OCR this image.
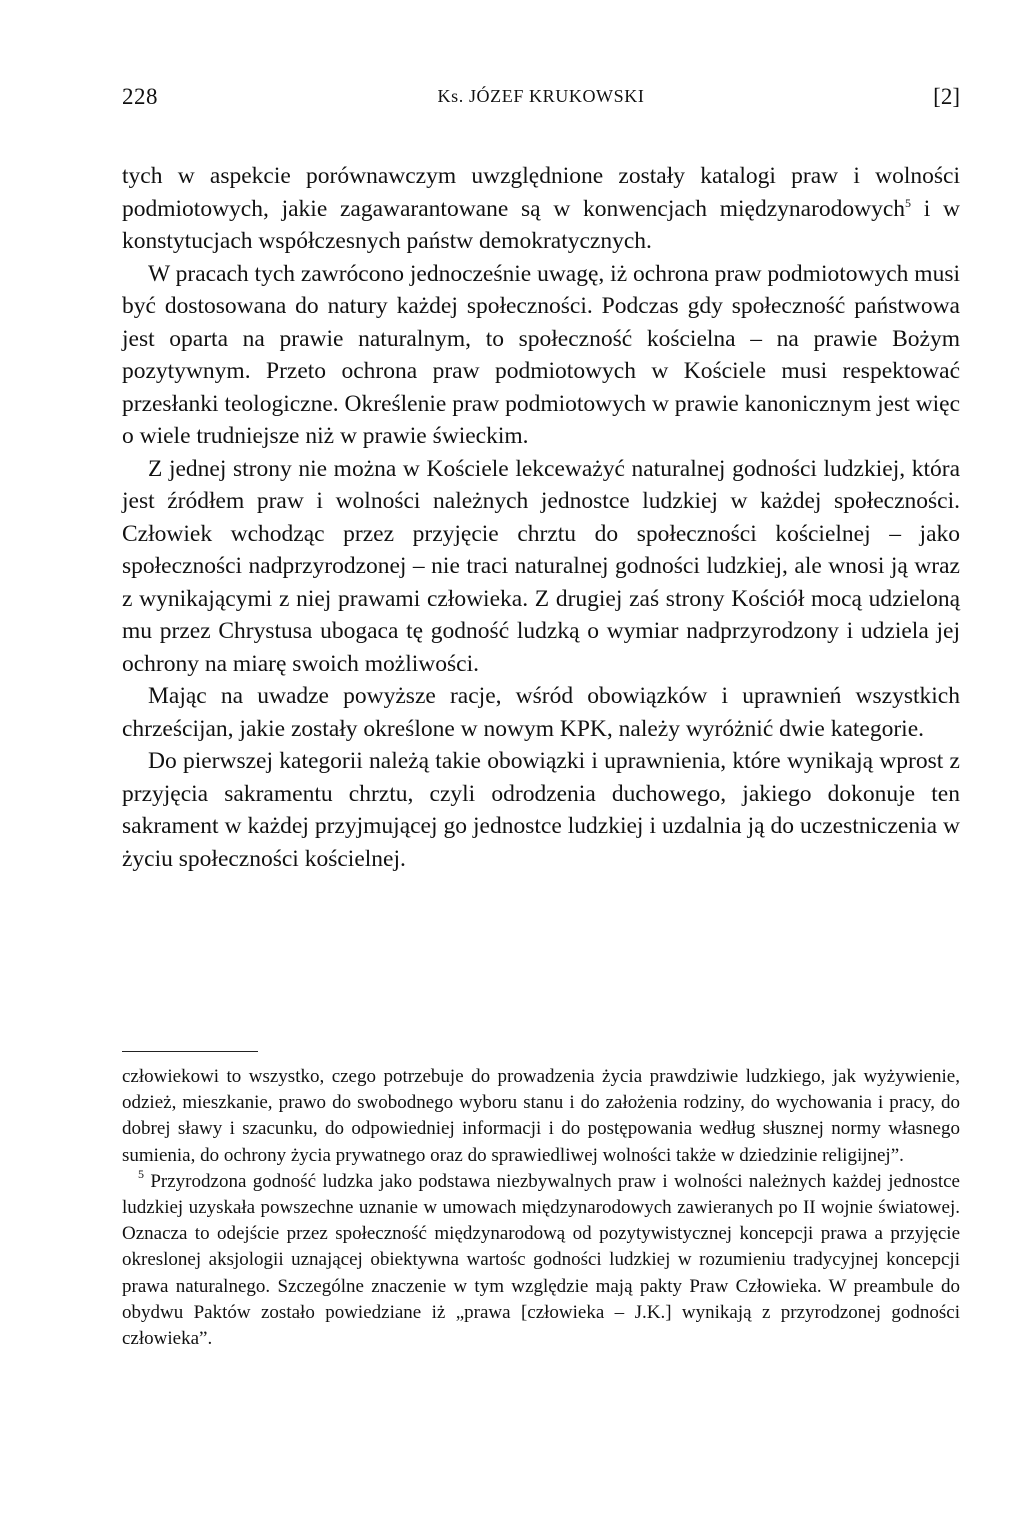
228	Ks. JÓZEF KRUKOWSKI	[2]

tych w aspekcie porównawczym uwzględnione zostały katalogi praw i wolności podmiotowych, jakie zagawarantowane są w konwencjach międzynarodowych$^5$ i w konstytucjach współczesnych państw demokratycznych.

W pracach tych zawrócono jednocześnie uwagę, iż ochrona praw podmiotowych musi być dostosowana do natury każdej społeczności. Podczas gdy społeczność państwowa jest oparta na prawie naturalnym, to społeczność kościelna – na prawie Bożym pozytywnym. Przeto ochrona praw podmiotowych w Kościele musi respektować przesłanki teologiczne. Określenie praw podmiotowych w prawie kanonicznym jest więc o wiele trudniejsze niż w prawie świeckim.

Z jednej strony nie można w Kościele lekceważyć naturalnej godności ludzkiej, która jest źródłem praw i wolności należnych jednostce ludzkiej w każdej społeczności. Człowiek wchodząc przez przyjęcie chrztu do społeczności kościelnej – jako społeczności nadprzyrodzonej – nie traci naturalnej godności ludzkiej, ale wnosi ją wraz z wynikającymi z niej prawami człowieka. Z drugiej zaś strony Kościół mocą udzieloną mu przez Chrystusa ubogaca tę godność ludzką o wymiar nadprzyrodzony i udziela jej ochrony na miarę swoich możliwości.

Mając na uwadze powyższe racje, wśród obowiązków i uprawnień wszystkich chrześcijan, jakie zostały określone w nowym KPK, należy wyróżnić dwie kategorie.

Do pierwszej kategorii należą takie obowiązki i uprawnienia, które wynikają wprost z przyjęcia sakramentu chrztu, czyli odrodzenia duchowego, jakiego dokonuje ten sakrament w każdej przyjmującej go jednostce ludzkiej i uzdalnia ją do uczestniczenia w życiu społeczności kościelnej.

człowiekowi to wszystko, czego potrzebuje do prowadzenia życia prawdziwie ludzkiego, jak wyżywienie, odzież, mieszkanie, prawo do swobodnego wyboru stanu i do założenia rodziny, do wychowania i pracy, do dobrej sławy i szacunku, do odpowiedniej informacji i do postępowania według słusznej normy własnego sumienia, do ochrony życia prywatnego oraz do sprawiedliwej wolności także w dziedzinie religijnej”.

$^5$ Przyrodzona godność ludzka jako podstawa niezbywalnych praw i wolności należnych każdej jednostce ludzkiej uzyskała powszechne uznanie w umowach międzynarodowych zawieranych po II wojnie światowej. Oznacza to odejście przez społeczność międzynarodową od pozytywistycznej koncepcji prawa a przyjęcie okreslonej aksjologii uznającej obiektywna wartośc godności ludzkiej w rozumieniu tradycyjnej koncepcji prawa naturalnego. Szczególne znaczenie w tym względzie mają pakty Praw Człowieka. W preambule do obydwu Paktów zostało powiedziane iż „prawa [człowieka – J.K.] wynikają z przyrodzonej godności człowieka”.
